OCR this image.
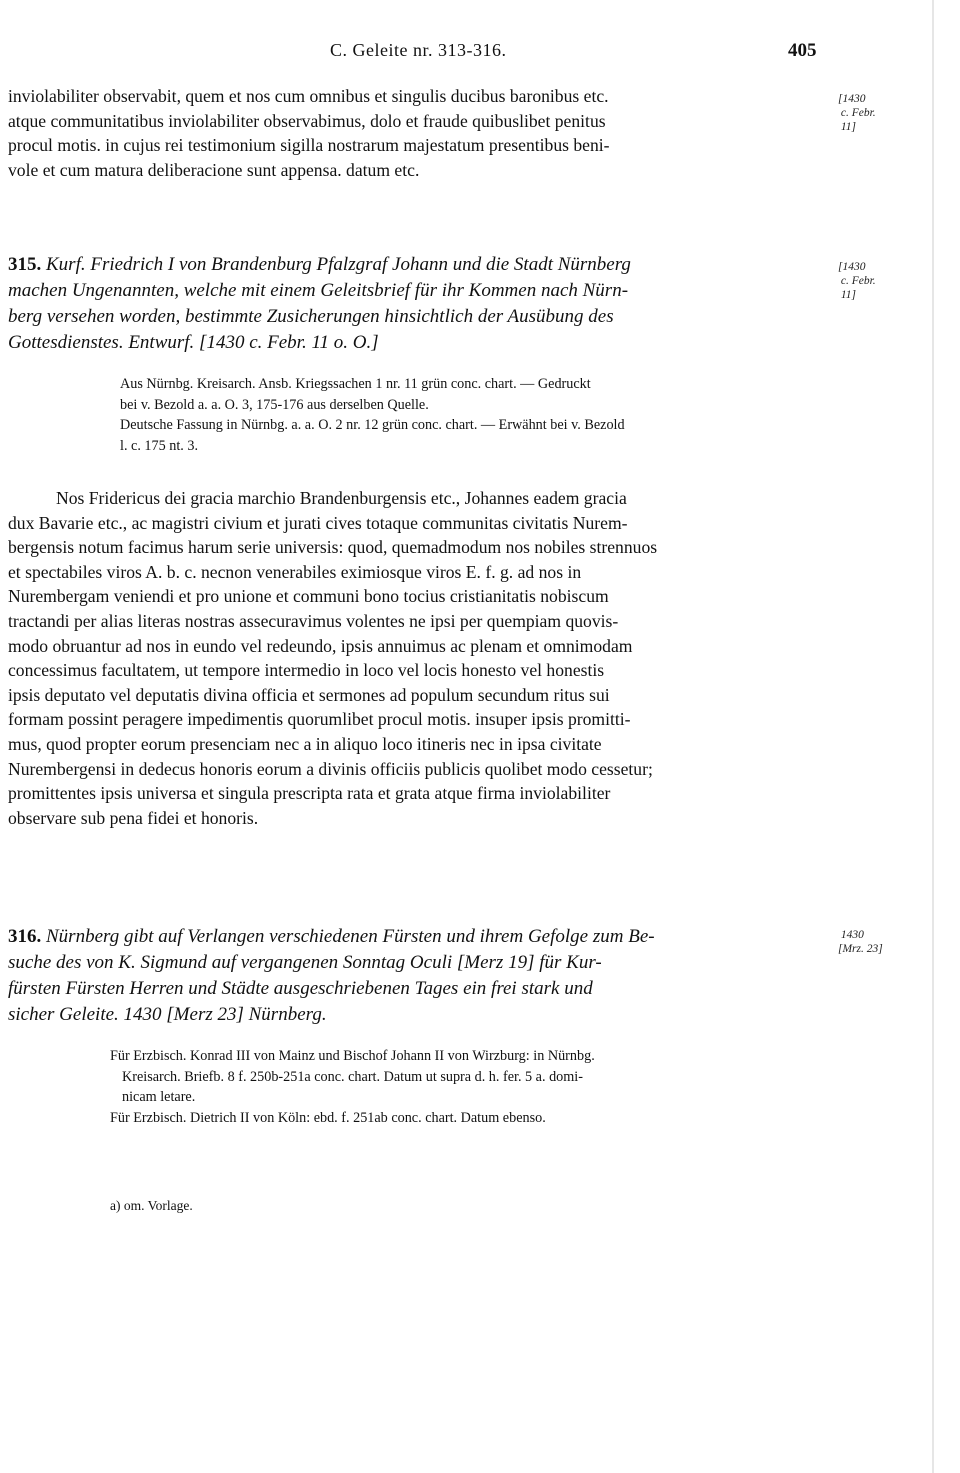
C. Geleite nr. 313-316.	405

inviolabiliter observabit, quem et nos cum omnibus et singulis ducibus baronibus etc.
atque communitatibus inviolabiliter observabimus, dolo et fraude quibuslibet penitus
procul motis. in cujus rei testimonium sigilla nostrarum majestatum presentibus beni-
vole et cum matura deliberacione sunt appensa. datum etc.

[1430
c. Febr.
11]
315. Kurf. Friedrich I von Brandenburg Pfalzgraf Johann und die Stadt Nürnberg
machen Ungenannten, welche mit einem Geleitsbrief für ihr Kommen nach Nürn-
berg versehen worden, bestimmte Zusicherungen hinsichtlich der Ausübung des
Gottesdienstes. Entwurf. [1430 c. Febr. 11 o. O.]
[1430
c. Febr.
11]
Aus Nürnbg. Kreisarch. Ansb. Kriegssachen 1 nr. 11 grün conc. chart. — Gedruckt
bei v. Bezold a. a. O. 3, 175-176 aus derselben Quelle.
Deutsche Fassung in Nürnbg. a. a. O. 2 nr. 12 grün conc. chart. — Erwähnt bei v. Bezold
l. c. 175 nt. 3.

Nos Fridericus dei gracia marchio Brandenburgensis etc., Johannes eadem gracia
dux Bavarie etc., ac magistri civium et jurati cives totaque communitas civitatis Nurem-
bergensis notum facimus harum serie universis: quod, quemadmodum nos nobiles strennuos
et spectabiles viros A. b. c. necnon venerabiles eximiosque viros E. f. g. ad nos in
Nurembergam veniendi et pro unione et communi bono tocius cristianitatis nobiscum
tractandi per alias literas nostras assecuravimus volentes ne ipsi per quempiam quovis-
modo obruantur ad nos in eundo vel redeundo, ipsis annuimus ac plenam et omnimodam
concessimus facultatem, ut tempore intermedio in loco vel locis honesto vel honestis
ipsis deputato vel deputatis divina officia et sermones ad populum secundum ritus sui
formam possint peragere impedimentis quorumlibet procul motis. insuper ipsis promitti-
mus, quod propter eorum presenciam nec a in aliquo loco itineris nec in ipsa civitate
Nurembergensi in dedecus honoris eorum a divinis officiis publicis quolibet modo cessetur;
promittentes ipsis universa et singula prescripta rata et grata atque firma inviolabiliter
observare sub pena fidei et honoris.

316. Nürnberg gibt auf Verlangen verschiedenen Fürsten und ihrem Gefolge zum Be-
suche des von K. Sigmund auf vergangenen Sonntag Oculi [Merz 19] für Kur-
fürsten Fürsten Herren und Städte ausgeschriebenen Tages ein frei stark und
sicher Geleite. 1430 [Merz 23] Nürnberg.
1430
[Mrz. 23]
Für Erzbisch. Konrad III von Mainz und Bischof Johann II von Wirzburg: in Nürnbg.
Kreisarch. Briefb. 8 f. 250b-251a conc. chart. Datum ut supra d. h. fer. 5 a. domi-
nicam letare.
Für Erzbisch. Dietrich II von Köln: ebd. f. 251ab conc. chart. Datum ebenso.
a) om. Vorlage.
